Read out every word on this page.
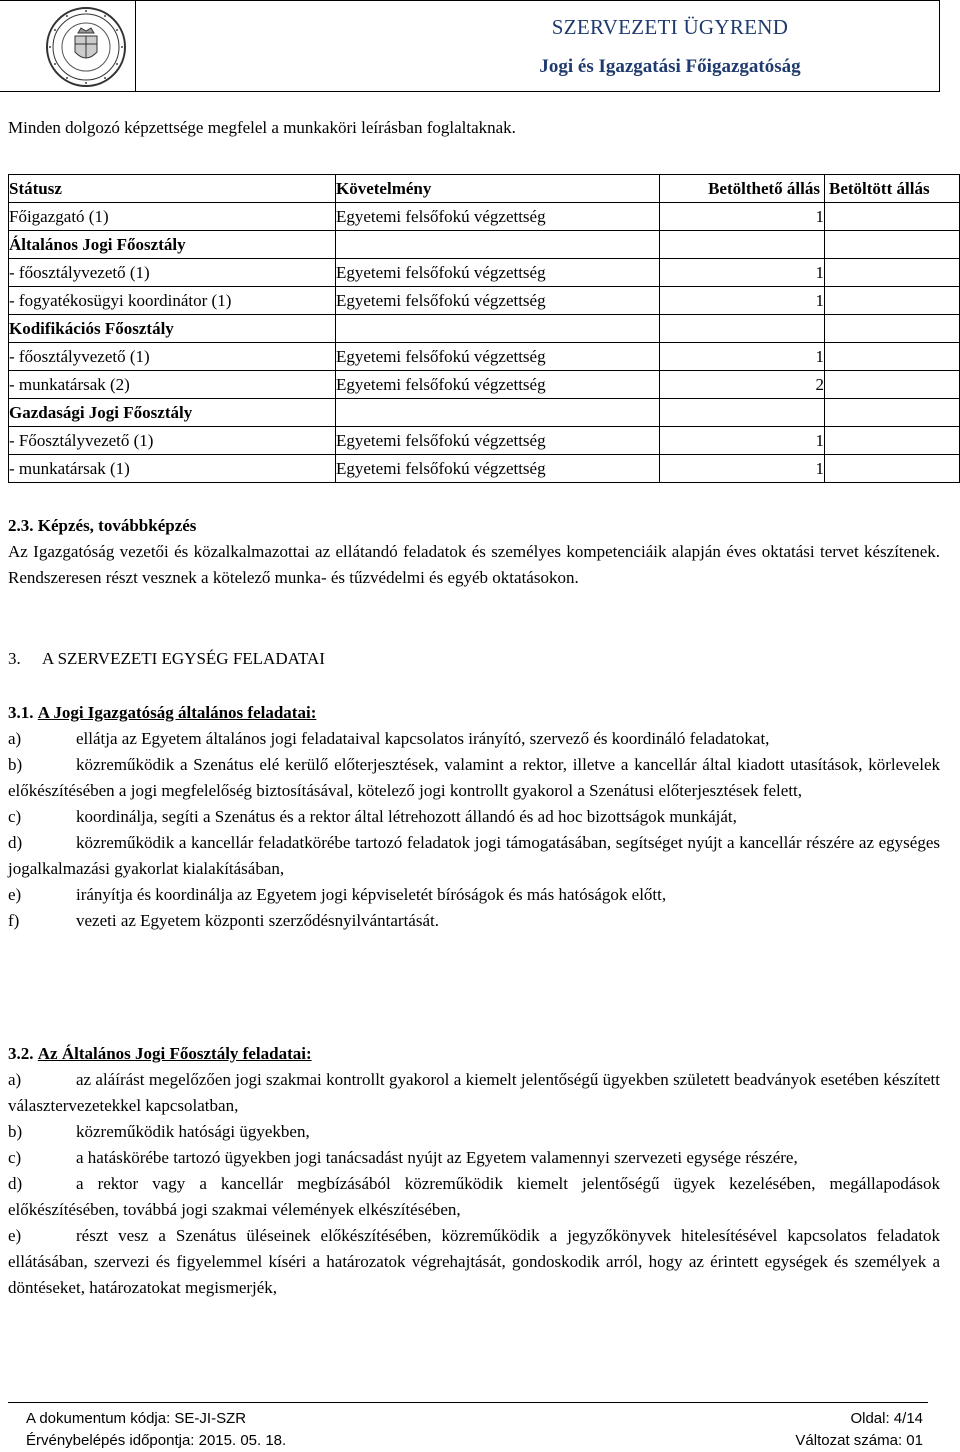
SZERVEZETI ÜGYREND
Jogi és Igazgatási Főigazgatóság
Minden dolgozó képzettsége megfelel a munkaköri leírásban foglaltaknak.
Státusz	Követelmény	Betölthető állás	Betöltött állás
Főigazgató (1)	Egyetemi felsőfokú végzettség	1	
Általános Jogi Főosztály			
- főosztályvezető (1)	Egyetemi felsőfokú végzettség	1	
- fogyatékosügyi koordinátor (1)	Egyetemi felsőfokú végzettség	1	
Kodifikációs Főosztály			
- főosztályvezető (1)	Egyetemi felsőfokú végzettség	1	
- munkatársak (2)	Egyetemi felsőfokú végzettség	2	
Gazdasági Jogi Főosztály			
- Főosztályvezető (1)	Egyetemi felsőfokú végzettség	1	
- munkatársak (1)	Egyetemi felsőfokú végzettség	1	

2.3. Képzés, továbbképzés

Az Igazgatóság vezetői és közalkalmazottai az ellátandó feladatok és személyes kompetenciáik alapján éves oktatási tervet készítenek. Rendszeresen részt vesznek a kötelező munka- és tűzvédelmi és egyéb oktatásokon.

3.     A SZERVEZETI EGYSÉG FELADATAI

3.1. A Jogi Igazgatóság általános feladatai:

a)	ellátja az Egyetem általános jogi feladataival kapcsolatos irányító, szervező és koordináló feladatokat,

b)	közreműködik a Szenátus elé kerülő előterjesztések, valamint a rektor, illetve a kancellár által kiadott utasítások, körlevelek előkészítésében a jogi megfelelőség biztosításával, kötelező jogi kontrollt gyakorol a Szenátusi előterjesztések felett,

c)	koordinálja, segíti a Szenátus és a rektor által létrehozott állandó és ad hoc bizottságok munkáját,

d)	közreműködik a kancellár feladatkörébe tartozó feladatok jogi támogatásában, segítséget nyújt a kancellár részére az egységes jogalkalmazási gyakorlat kialakításában,

e)	irányítja és koordinálja az Egyetem jogi képviseletét bíróságok és más hatóságok előtt,

f)	vezeti az Egyetem központi szerződésnyilvántartását.

3.2. Az Általános Jogi Főosztály feladatai:

a)	az aláírást megelőzően jogi szakmai kontrollt gyakorol a kiemelt jelentőségű ügyekben született beadványok esetében készített választervezetekkel kapcsolatban,

b)	közreműködik hatósági ügyekben,

c)	a hatáskörébe tartozó ügyekben jogi tanácsadást nyújt az Egyetem valamennyi szervezeti egysége részére,

d)	a rektor vagy a kancellár megbízásából közreműködik kiemelt jelentőségű ügyek kezelésében, megállapodások előkészítésében, továbbá jogi szakmai vélemények elkészítésében,

e)	részt vesz a Szenátus üléseinek előkészítésében, közreműködik a jegyzőkönyvek hitelesítésével kapcsolatos feladatok ellátásában, szervezi és figyelemmel kíséri a határozatok végrehajtását, gondoskodik arról, hogy az érintett egységek és személyek a döntéseket, határozatokat megismerjék,

A dokumentum kódja: SE-JI-SZR	Oldal: 4/14
Érvénybelépés időpontja: 2015. 05. 18.	Változat száma: 01
